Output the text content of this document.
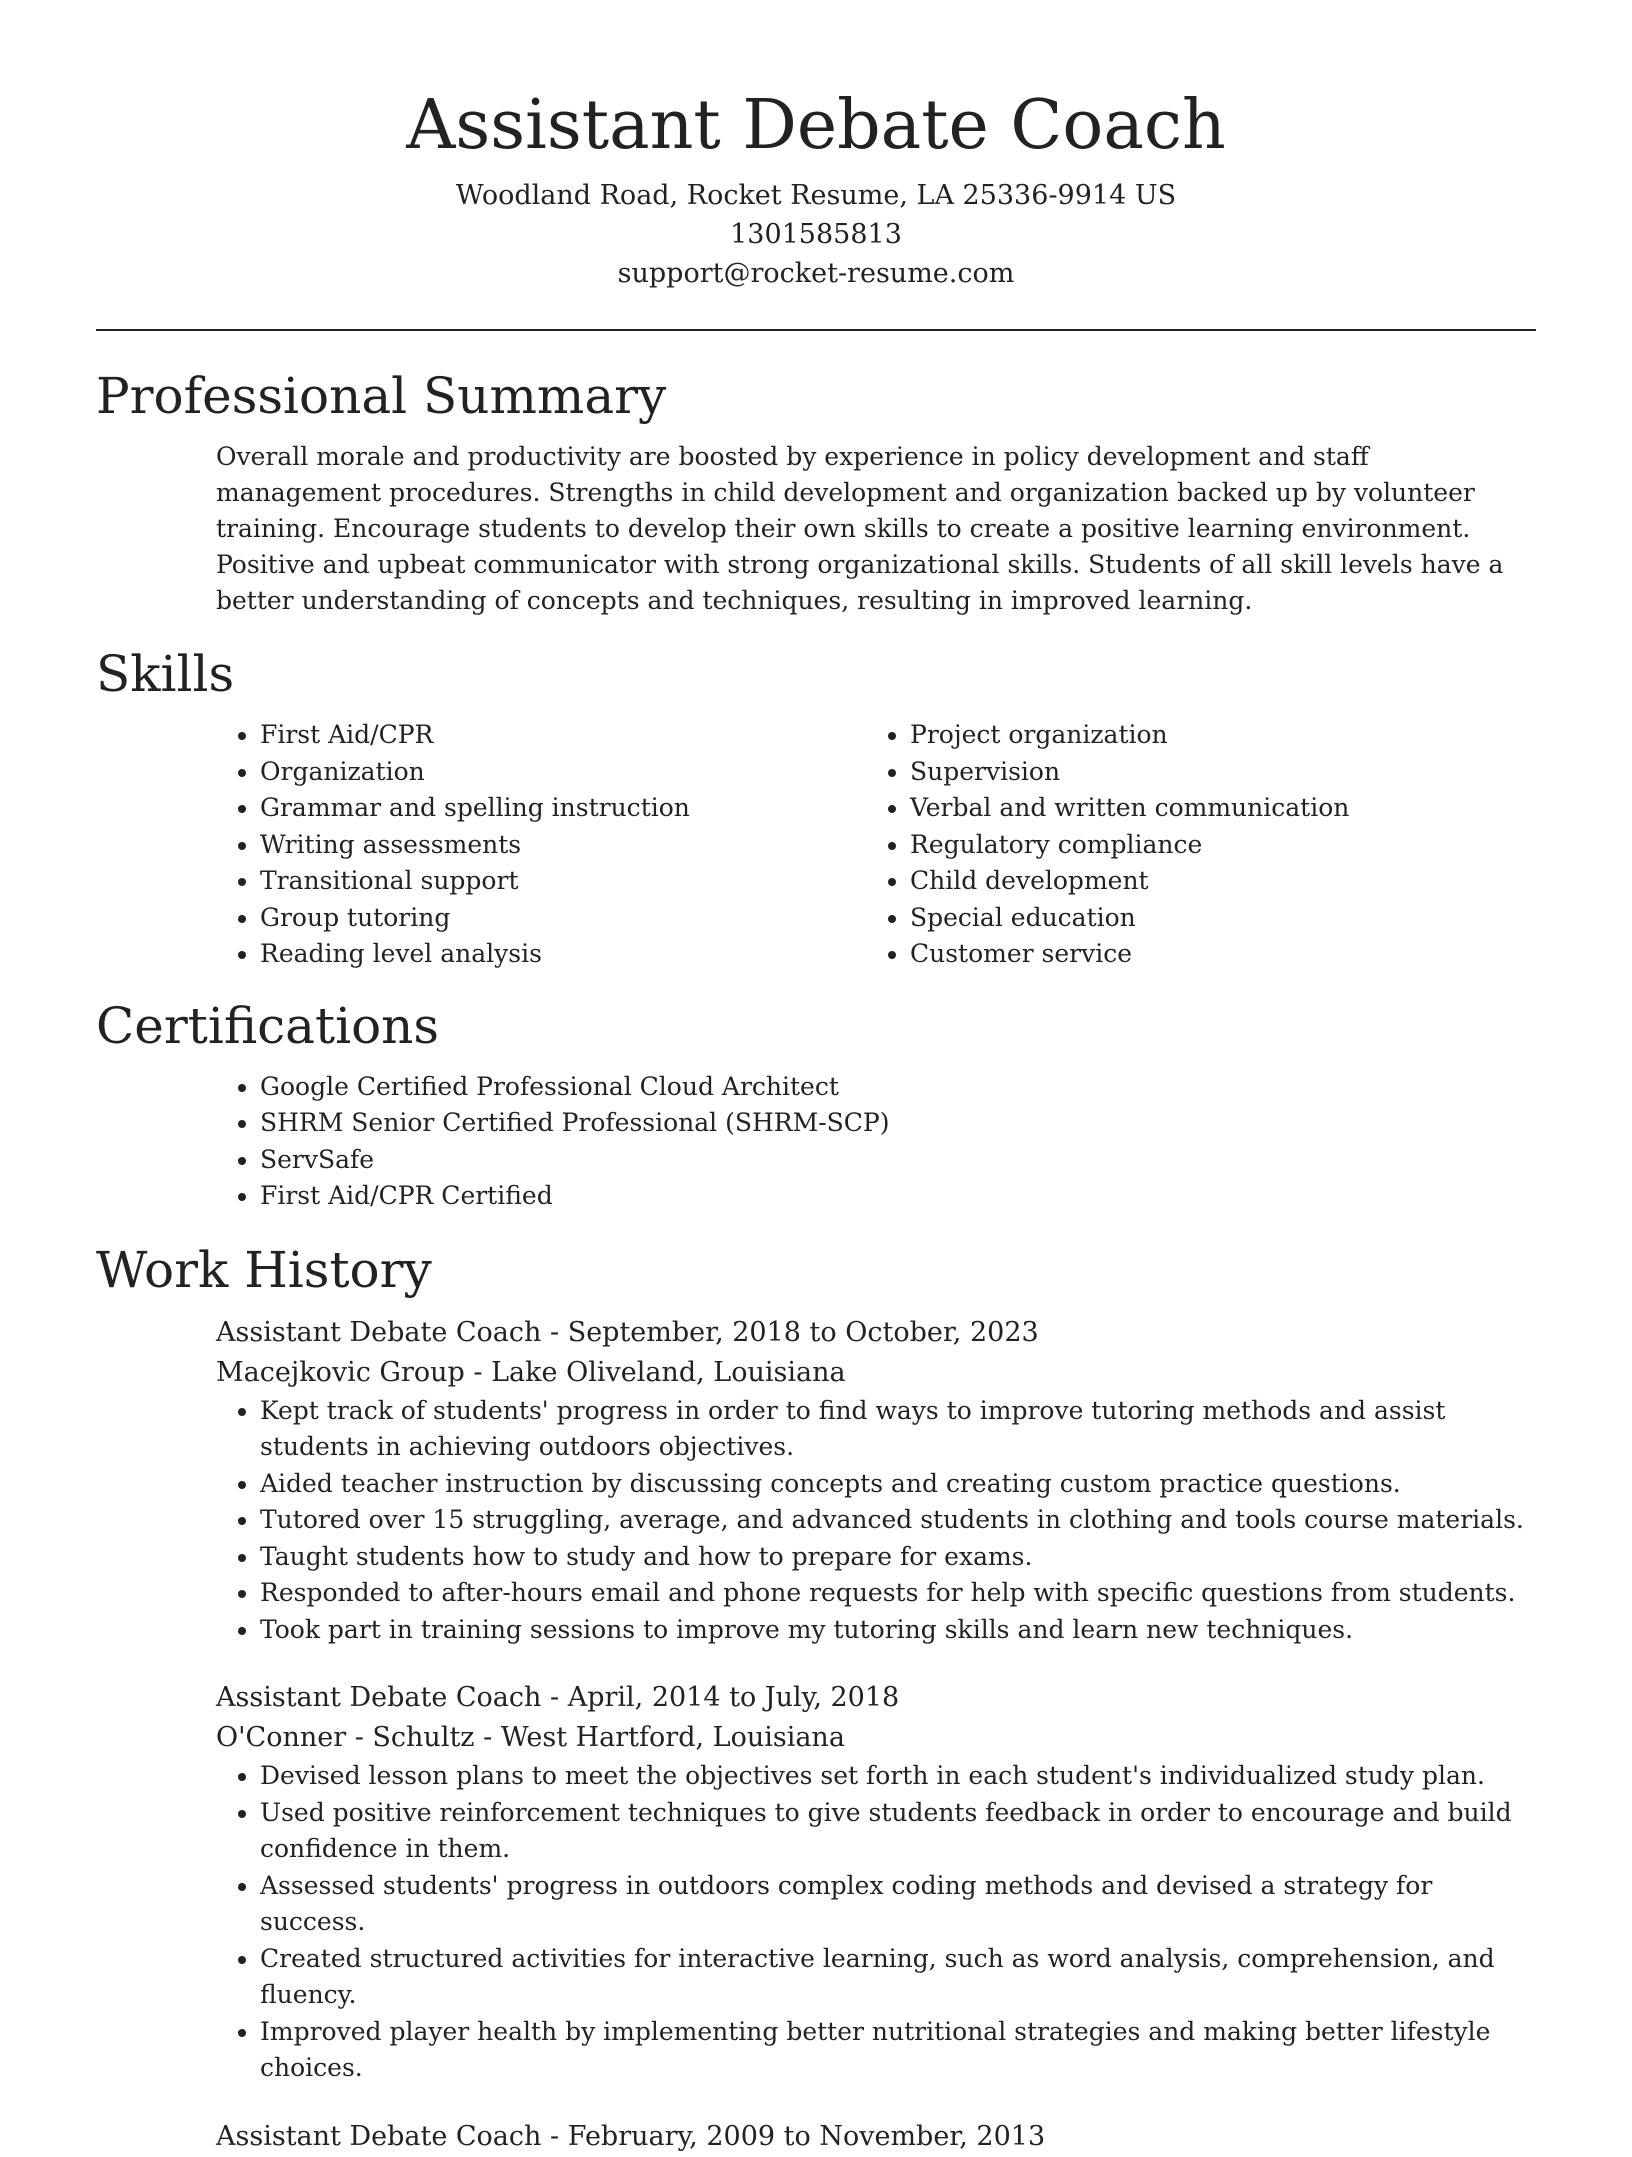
Assistant Debate Coach
Woodland Road, Rocket Resume, LA 25336-9914 US
1301585813
support@rocket-resume.com
Professional Summary

Overall morale and productivity are boosted by experience in policy development and staff management procedures. Strengths in child development and organization backed up by volunteer training. Encourage students to develop their own skills to create a positive learning environment. Positive and upbeat communicator with strong organizational skills. Students of all skill levels have a better understanding of concepts and techniques, resulting in improved learning.

Skills
• First Aid/CPR
• Organization
• Grammar and spelling instruction
• Writing assessments
• Transitional support
• Group tutoring
• Reading level analysis
• Project organization
• Supervision
• Verbal and written communication
• Regulatory compliance
• Child development
• Special education
• Customer service
Certifications
• Google Certified Professional Cloud Architect
• SHRM Senior Certified Professional (SHRM-SCP)
• ServSafe
• First Aid/CPR Certified
Work History
Assistant Debate Coach - September, 2018 to October, 2023
Macejkovic Group - Lake Oliveland, Louisiana
• Kept track of students' progress in order to find ways to improve tutoring methods and assist students in achieving outdoors objectives.
• Aided teacher instruction by discussing concepts and creating custom practice questions.
• Tutored over 15 struggling, average, and advanced students in clothing and tools course materials.
• Taught students how to study and how to prepare for exams.
• Responded to after-hours email and phone requests for help with specific questions from students.
• Took part in training sessions to improve my tutoring skills and learn new techniques.
Assistant Debate Coach - April, 2014 to July, 2018
O'Conner - Schultz - West Hartford, Louisiana
• Devised lesson plans to meet the objectives set forth in each student's individualized study plan.
• Used positive reinforcement techniques to give students feedback in order to encourage and build confidence in them.
• Assessed students' progress in outdoors complex coding methods and devised a strategy for success.
• Created structured activities for interactive learning, such as word analysis, comprehension, and fluency.
• Improved player health by implementing better nutritional strategies and making better lifestyle choices.
Assistant Debate Coach - February, 2009 to November, 2013
